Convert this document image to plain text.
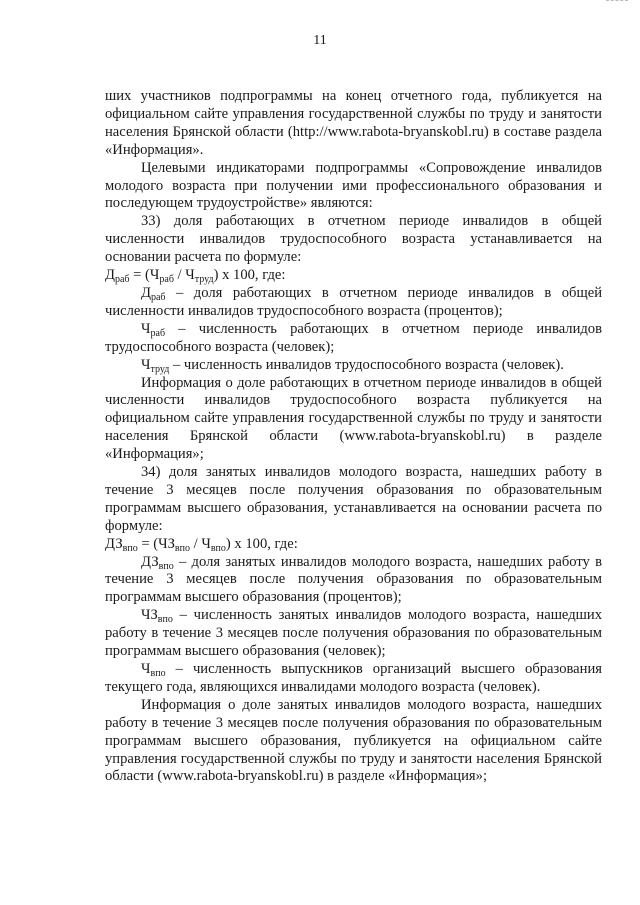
11

ших участников подпрограммы на конец отчетного года, публикуется на официальном сайте управления государственной службы по труду и занятости населения Брянской области (http://www.rabota-bryanskobl.ru) в составе раздела «Информация».

Целевыми индикаторами подпрограммы «Сопровождение инвалидов молодого возраста при получении ими профессионального образования и последующем трудоустройстве» являются:

33) доля работающих в отчетном периоде инвалидов в общей численности инвалидов трудоспособного возраста устанавливается на основании расчета по формуле:

$Д_{раб} = (Ч_{раб} / Ч_{труд})$ x 100, где:

$Д_{раб}$ – доля работающих в отчетном периоде инвалидов в общей численности инвалидов трудоспособного возраста (процентов);

$Ч_{раб}$ – численность работающих в отчетном периоде инвалидов трудоспособного возраста (человек);

$Ч_{труд}$ – численность инвалидов трудоспособного возраста (человек).

Информация о доле работающих в отчетном периоде инвалидов в общей численности инвалидов трудоспособного возраста публикуется на официальном сайте управления государственной службы по труду и занятости населения Брянской области (www.rabota-bryanskobl.ru) в разделе «Информация»;

34) доля занятых инвалидов молодого возраста, нашедших работу в течение 3 месяцев после получения образования по образовательным программам высшего образования, устанавливается на основании расчета по формуле:

$ДЗ_{впо} = (ЧЗ_{впо} / Ч_{впо})$ x 100, где:

$ДЗ_{впо}$ – доля занятых инвалидов молодого возраста, нашедших работу в течение 3 месяцев после получения образования по образовательным программам высшего образования (процентов);

$ЧЗ_{впо}$ – численность занятых инвалидов молодого возраста, нашедших работу в течение 3 месяцев после получения образования по образовательным программам высшего образования (человек);

$Ч_{впо}$ – численность выпускников организаций высшего образования текущего года, являющихся инвалидами молодого возраста (человек).

Информация о доле занятых инвалидов молодого возраста, нашедших работу в течение 3 месяцев после получения образования по образовательным программам высшего образования, публикуется на официальном сайте управления государственной службы по труду и занятости населения Брянской области (www.rabota-bryanskobl.ru) в разделе «Информация»;
